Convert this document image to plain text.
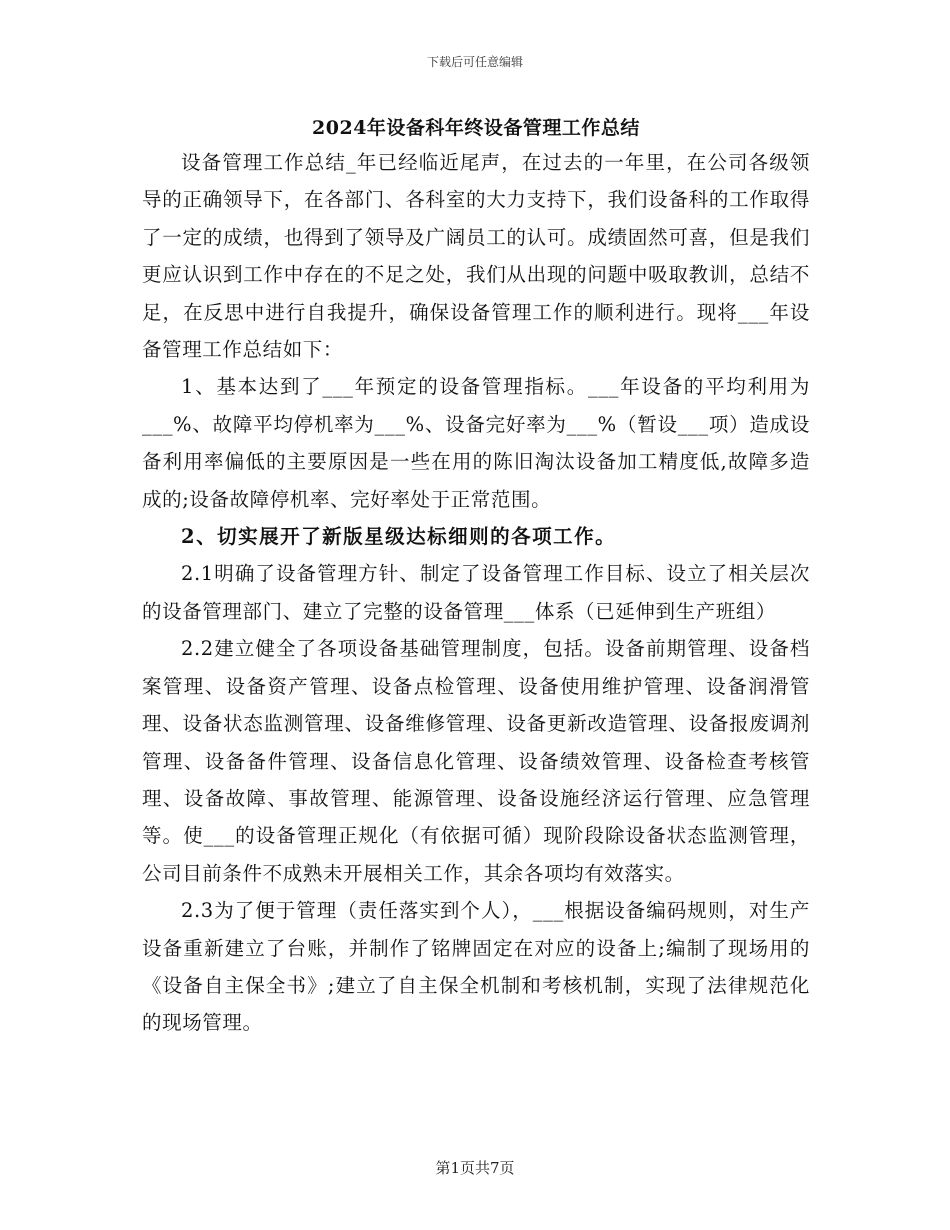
下载后可任意编辑
2024年设备科年终设备管理工作总结

设备管理工作总结_年已经临近尾声，在过去的一年里，在公司各级领导的正确领导下，在各部门、各科室的大力支持下，我们设备科的工作取得了一定的成绩，也得到了领导及广阔员工的认可。成绩固然可喜，但是我们更应认识到工作中存在的不足之处，我们从出现的问题中吸取教训，总结不足，在反思中进行自我提升，确保设备管理工作的顺利进行。现将___年设备管理工作总结如下：

1、基本达到了___年预定的设备管理指标。___年设备的平均利用为___%、故障平均停机率为___%、设备完好率为___%（暂设___项）造成设备利用率偏低的主要原因是一些在用的陈旧淘汰设备加工精度低,故障多造成的;设备故障停机率、完好率处于正常范围。

2、切实展开了新版星级达标细则的各项工作。

2.1明确了设备管理方针、制定了设备管理工作目标、设立了相关层次的设备管理部门、建立了完整的设备管理___体系（已延伸到生产班组）

2.2建立健全了各项设备基础管理制度，包括。设备前期管理、设备档案管理、设备资产管理、设备点检管理、设备使用维护管理、设备润滑管理、设备状态监测管理、设备维修管理、设备更新改造管理、设备报废调剂管理、设备备件管理、设备信息化管理、设备绩效管理、设备检查考核管理、设备故障、事故管理、能源管理、设备设施经济运行管理、应急管理等。使___的设备管理正规化（有依据可循）现阶段除设备状态监测管理，公司目前条件不成熟未开展相关工作，其余各项均有效落实。

2.3为了便于管理（责任落实到个人），___根据设备编码规则，对生产设备重新建立了台账，并制作了铭牌固定在对应的设备上;编制了现场用的《设备自主保全书》;建立了自主保全机制和考核机制，实现了法律规范化的现场管理。

第1页共7页
